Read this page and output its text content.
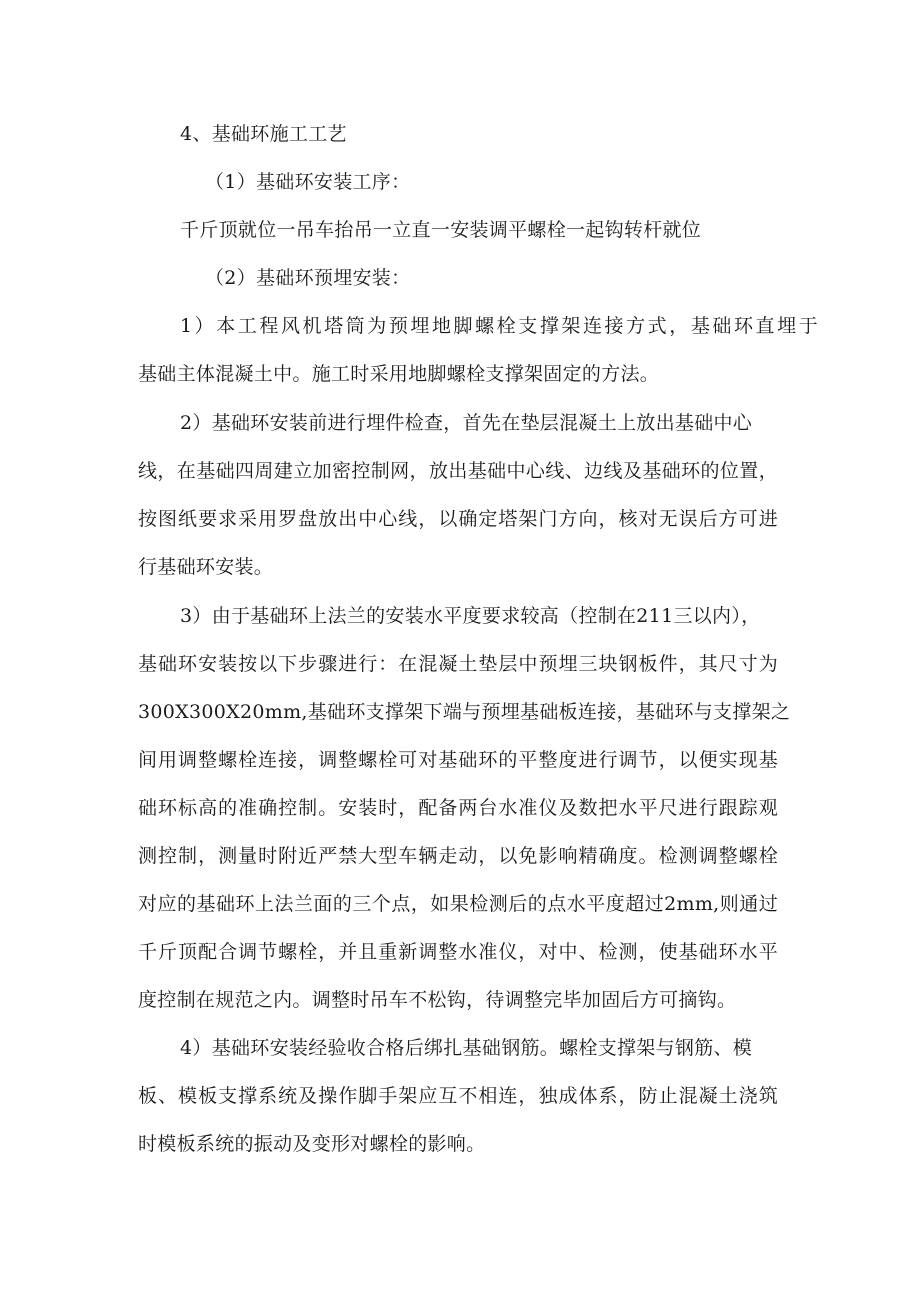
4、基础环施工工艺
（1）基础环安装工序：
千斤顶就位一吊车抬吊一立直一安装调平螺栓一起钩转杆就位
（2）基础环预埋安装：
1）本工程风机塔筒为预埋地脚螺栓支撑架连接方式，基础环直埋于
基础主体混凝土中。施工时采用地脚螺栓支撑架固定的方法。
2）基础环安装前进行埋件检查，首先在垫层混凝土上放出基础中心
线，在基础四周建立加密控制网，放出基础中心线、边线及基础环的位置，
按图纸要求采用罗盘放出中心线，以确定塔架门方向，核对无误后方可进
行基础环安装。
3）由于基础环上法兰的安装水平度要求较高（控制在211三以内），
基础环安装按以下步骤进行：在混凝土垫层中预埋三块钢板件，其尺寸为
300X300X20mm,基础环支撑架下端与预埋基础板连接，基础环与支撑架之
间用调整螺栓连接，调整螺栓可对基础环的平整度进行调节，以便实现基
础环标高的准确控制。安装时，配备两台水准仪及数把水平尺进行跟踪观
测控制，测量时附近严禁大型车辆走动，以免影响精确度。检测调整螺栓
对应的基础环上法兰面的三个点，如果检测后的点水平度超过2mm,则通过
千斤顶配合调节螺栓，并且重新调整水准仪，对中、检测，使基础环水平
度控制在规范之内。调整时吊车不松钩，待调整完毕加固后方可摘钩。
4）基础环安装经验收合格后绑扎基础钢筋。螺栓支撑架与钢筋、模
板、模板支撑系统及操作脚手架应互不相连，独成体系，防止混凝土浇筑
时模板系统的振动及变形对螺栓的影响。
